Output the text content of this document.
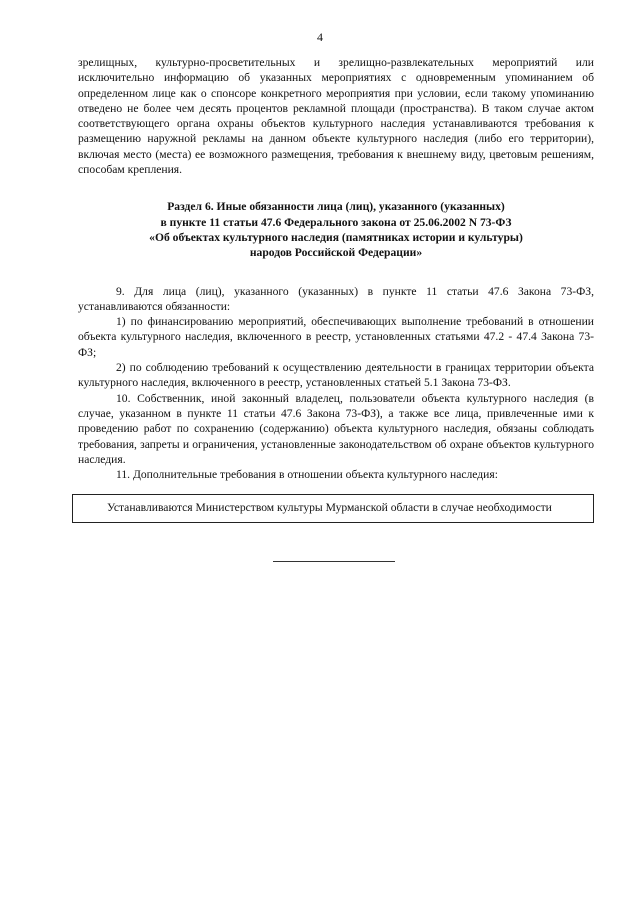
4

зрелищных, культурно-просветительных и зрелищно-развлекательных мероприятий или исключительно информацию об указанных мероприятиях с одновременным упоминанием об определенном лице как о спонсоре конкретного мероприятия при условии, если такому упоминанию отведено не более чем десять процентов рекламной площади (пространства). В таком случае актом соответствующего органа охраны объектов культурного наследия устанавливаются требования к размещению наружной рекламы на данном объекте культурного наследия (либо его территории), включая место (места) ее возможного размещения, требования к внешнему виду, цветовым решениям, способам крепления.

Раздел 6. Иные обязанности лица (лиц), указанного (указанных)
в пункте 11 статьи 47.6 Федерального закона от 25.06.2002 N 73-ФЗ
«Об объектах культурного наследия (памятниках истории и культуры)
народов Российской Федерации»

9. Для лица (лиц), указанного (указанных) в пункте 11 статьи 47.6 Закона 73-ФЗ, устанавливаются обязанности:

1) по финансированию мероприятий, обеспечивающих выполнение требований в отношении объекта культурного наследия, включенного в реестр, установленных статьями 47.2 - 47.4 Закона 73-ФЗ;

2) по соблюдению требований к осуществлению деятельности в границах территории объекта культурного наследия, включенного в реестр, установленных статьей 5.1 Закона 73-ФЗ.

10. Собственник, иной законный владелец, пользователи объекта культурного наследия (в случае, указанном в пункте 11 статьи 47.6 Закона 73-ФЗ), а также все лица, привлеченные ими к проведению работ по сохранению (содержанию) объекта культурного наследия, обязаны соблюдать требования, запреты и ограничения, установленные законодательством об охране объектов культурного наследия.

11. Дополнительные требования в отношении объекта культурного наследия:

Устанавливаются Министерством культуры Мурманской области в случае необходимости
